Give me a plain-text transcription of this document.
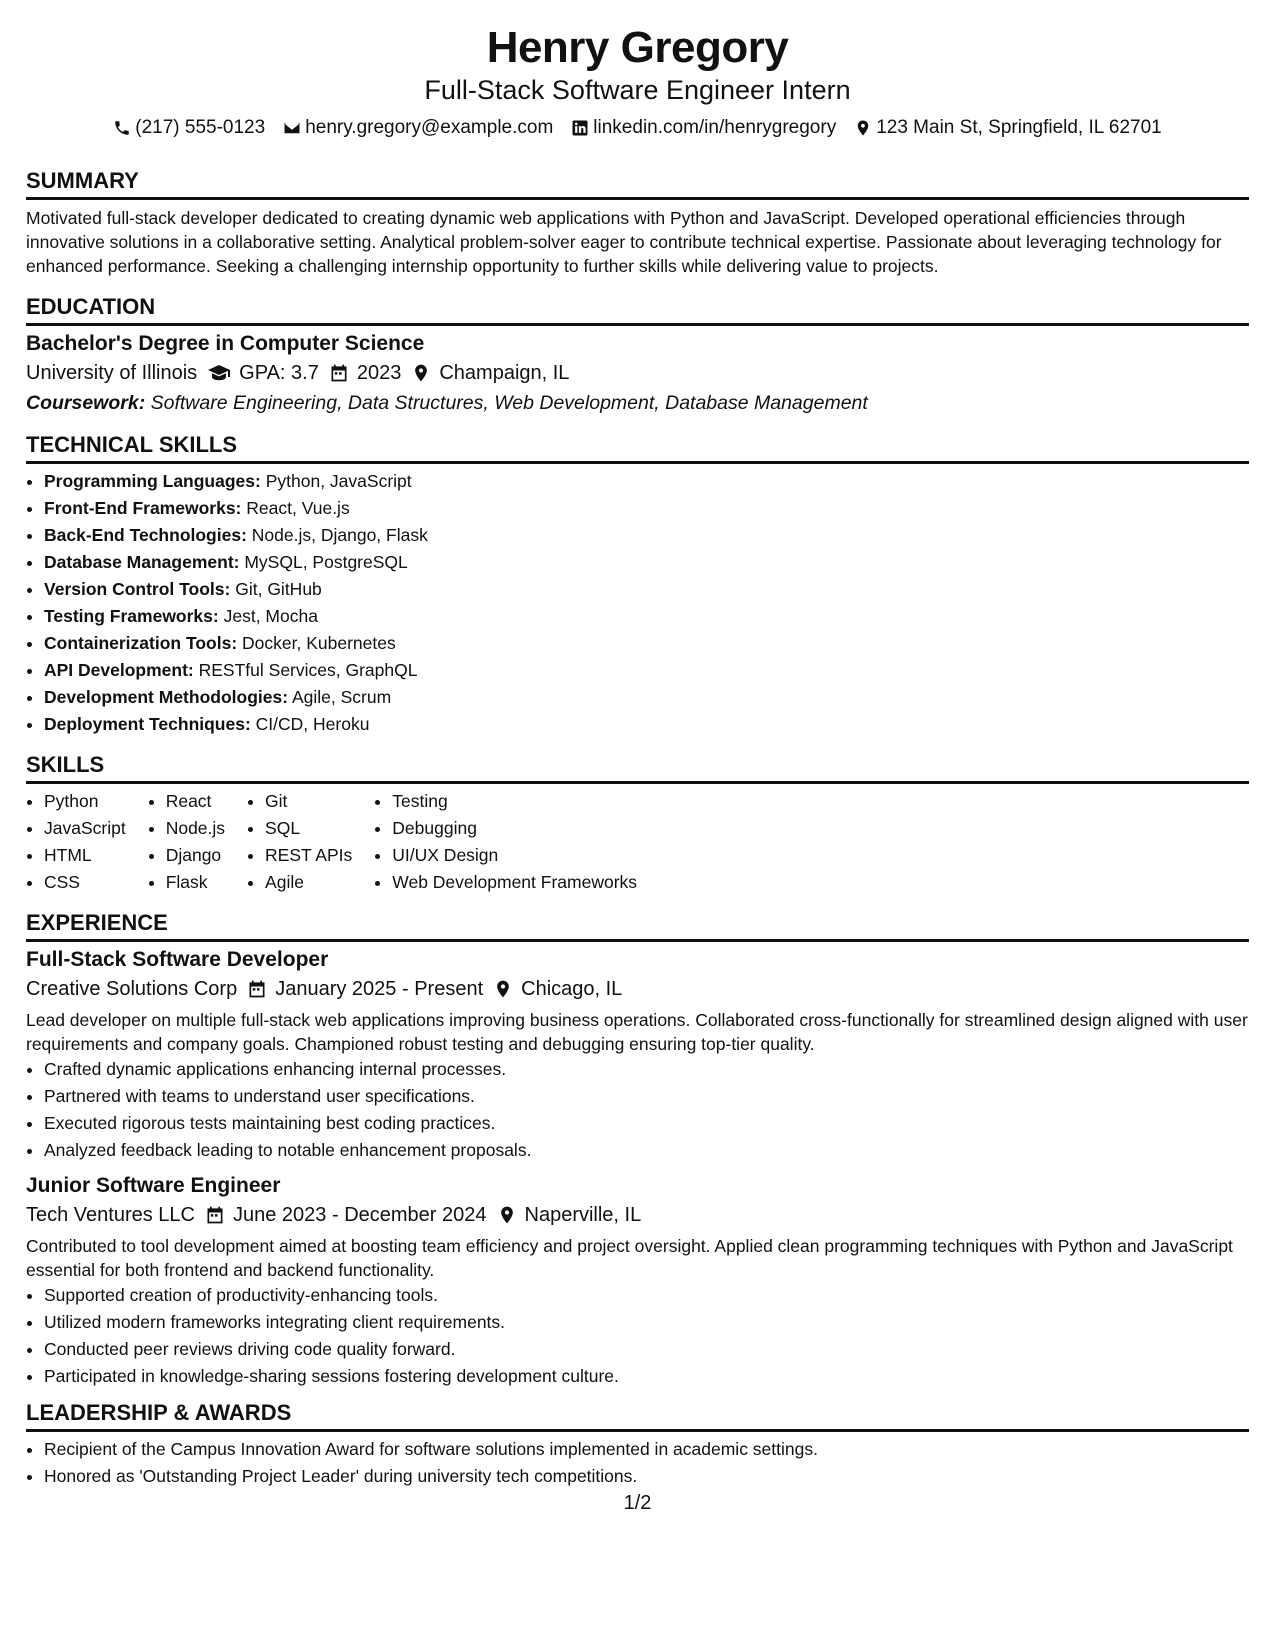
Henry Gregory
Full-Stack Software Engineer Intern
(217) 555-0123 henry.gregory@example.com linkedin.com/in/henrygregory 123 Main St, Springfield, IL 62701
SUMMARY

Motivated full-stack developer dedicated to creating dynamic web applications with Python and JavaScript. Developed operational efficiencies through innovative solutions in a collaborative setting. Analytical problem-solver eager to contribute technical expertise. Passionate about leveraging technology for enhanced performance. Seeking a challenging internship opportunity to further skills while delivering value to projects.

EDUCATION
Bachelor's Degree in Computer Science
University of Illinois GPA: 3.7 2023 Champaign, IL
Coursework: Software Engineering, Data Structures, Web Development, Database Management
TECHNICAL SKILLS
• Programming Languages: Python, JavaScript
• Front-End Frameworks: React, Vue.js
• Back-End Technologies: Node.js, Django, Flask
• Database Management: MySQL, PostgreSQL
• Version Control Tools: Git, GitHub
• Testing Frameworks: Jest, Mocha
• Containerization Tools: Docker, Kubernetes
• API Development: RESTful Services, GraphQL
• Development Methodologies: Agile, Scrum
• Deployment Techniques: CI/CD, Heroku
SKILLS
• Python
• JavaScript
• HTML
• CSS
• React
• Node.js
• Django
• Flask
• Git
• SQL
• REST APIs
• Agile
• Testing
• Debugging
• UI/UX Design
• Web Development Frameworks
EXPERIENCE
Full-Stack Software Developer
Creative Solutions Corp January 2025 - Present Chicago, IL

Lead developer on multiple full-stack web applications improving business operations. Collaborated cross-functionally for streamlined design aligned with user requirements and company goals. Championed robust testing and debugging ensuring top-tier quality.

• Crafted dynamic applications enhancing internal processes.
• Partnered with teams to understand user specifications.
• Executed rigorous tests maintaining best coding practices.
• Analyzed feedback leading to notable enhancement proposals.
Junior Software Engineer
Tech Ventures LLC June 2023 - December 2024 Naperville, IL

Contributed to tool development aimed at boosting team efficiency and project oversight. Applied clean programming techniques with Python and JavaScript essential for both frontend and backend functionality.

• Supported creation of productivity-enhancing tools.
• Utilized modern frameworks integrating client requirements.
• Conducted peer reviews driving code quality forward.
• Participated in knowledge-sharing sessions fostering development culture.
LEADERSHIP & AWARDS
• Recipient of the Campus Innovation Award for software solutions implemented in academic settings.
• Honored as 'Outstanding Project Leader' during university tech competitions.
1/2
